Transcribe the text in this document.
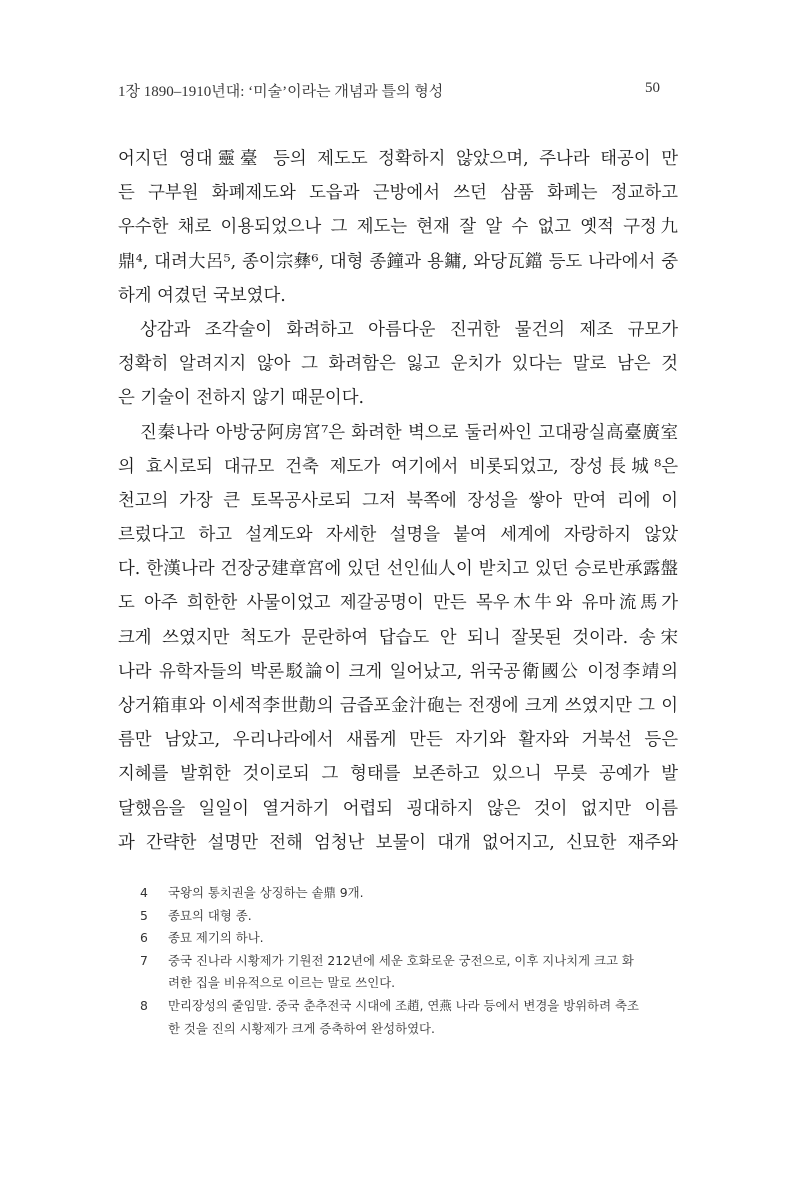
1장 1890–1910년대: ‘미술’이라는 개념과 틀의 형성	50
어지던 영대靈臺 등의 제도도 정확하지 않았으며, 주나라 태공이 만
든 구부원 화폐제도와 도읍과 근방에서 쓰던 삼품 화폐는 정교하고
우수한 채로 이용되었으나 그 제도는 현재 잘 알 수 없고 옛적 구정九
鼎⁴, 대려大呂⁵, 종이宗彝⁶, 대형 종鐘과 용鏞, 와당瓦鐺 등도 나라에서 중
하게 여겼던 국보였다.
상감과 조각술이 화려하고 아름다운 진귀한 물건의 제조 규모가
정확히 알려지지 않아 그 화려함은 잃고 운치가 있다는 말로 남은 것
은 기술이 전하지 않기 때문이다.
진秦나라 아방궁阿房宮⁷은 화려한 벽으로 둘러싸인 고대광실高臺廣室
의 효시로되 대규모 건축 제도가 여기에서 비롯되었고, 장성長城⁸은
천고의 가장 큰 토목공사로되 그저 북쪽에 장성을 쌓아 만여 리에 이
르렀다고 하고 설계도와 자세한 설명을 붙여 세계에 자랑하지 않았
다. 한漢나라 건장궁建章宮에 있던 선인仙人이 받치고 있던 승로반承露盤
도 아주 희한한 사물이었고 제갈공명이 만든 목우木牛와 유마流馬가
크게 쓰였지만 척도가 문란하여 답습도 안 되니 잘못된 것이라. 송宋
나라 유학자들의 박론駁論이 크게 일어났고, 위국공衛國公 이정李靖의
상거箱車와 이세적李世勣의 금즙포金汁砲는 전쟁에 크게 쓰였지만 그 이
름만 남았고, 우리나라에서 새롭게 만든 자기와 활자와 거북선 등은
지혜를 발휘한 것이로되 그 형태를 보존하고 있으니 무릇 공예가 발
달했음을 일일이 열거하기 어렵되 굉대하지 않은 것이 없지만 이름
과 간략한 설명만 전해 엄청난 보물이 대개 없어지고, 신묘한 재주와
4 국왕의 통치권을 상징하는 솥鼎 9개.
5 종묘의 대형 종.
6 종묘 제기의 하나.
7 중국 진나라 시황제가 기원전 212년에 세운 호화로운 궁전으로, 이후 지나치게 크고 화
려한 집을 비유적으로 이르는 말로 쓰인다.
8 만리장성의 줄임말. 중국 춘추전국 시대에 조趙, 연燕 나라 등에서 변경을 방위하려 축조
한 것을 진의 시황제가 크게 증축하여 완성하였다.
